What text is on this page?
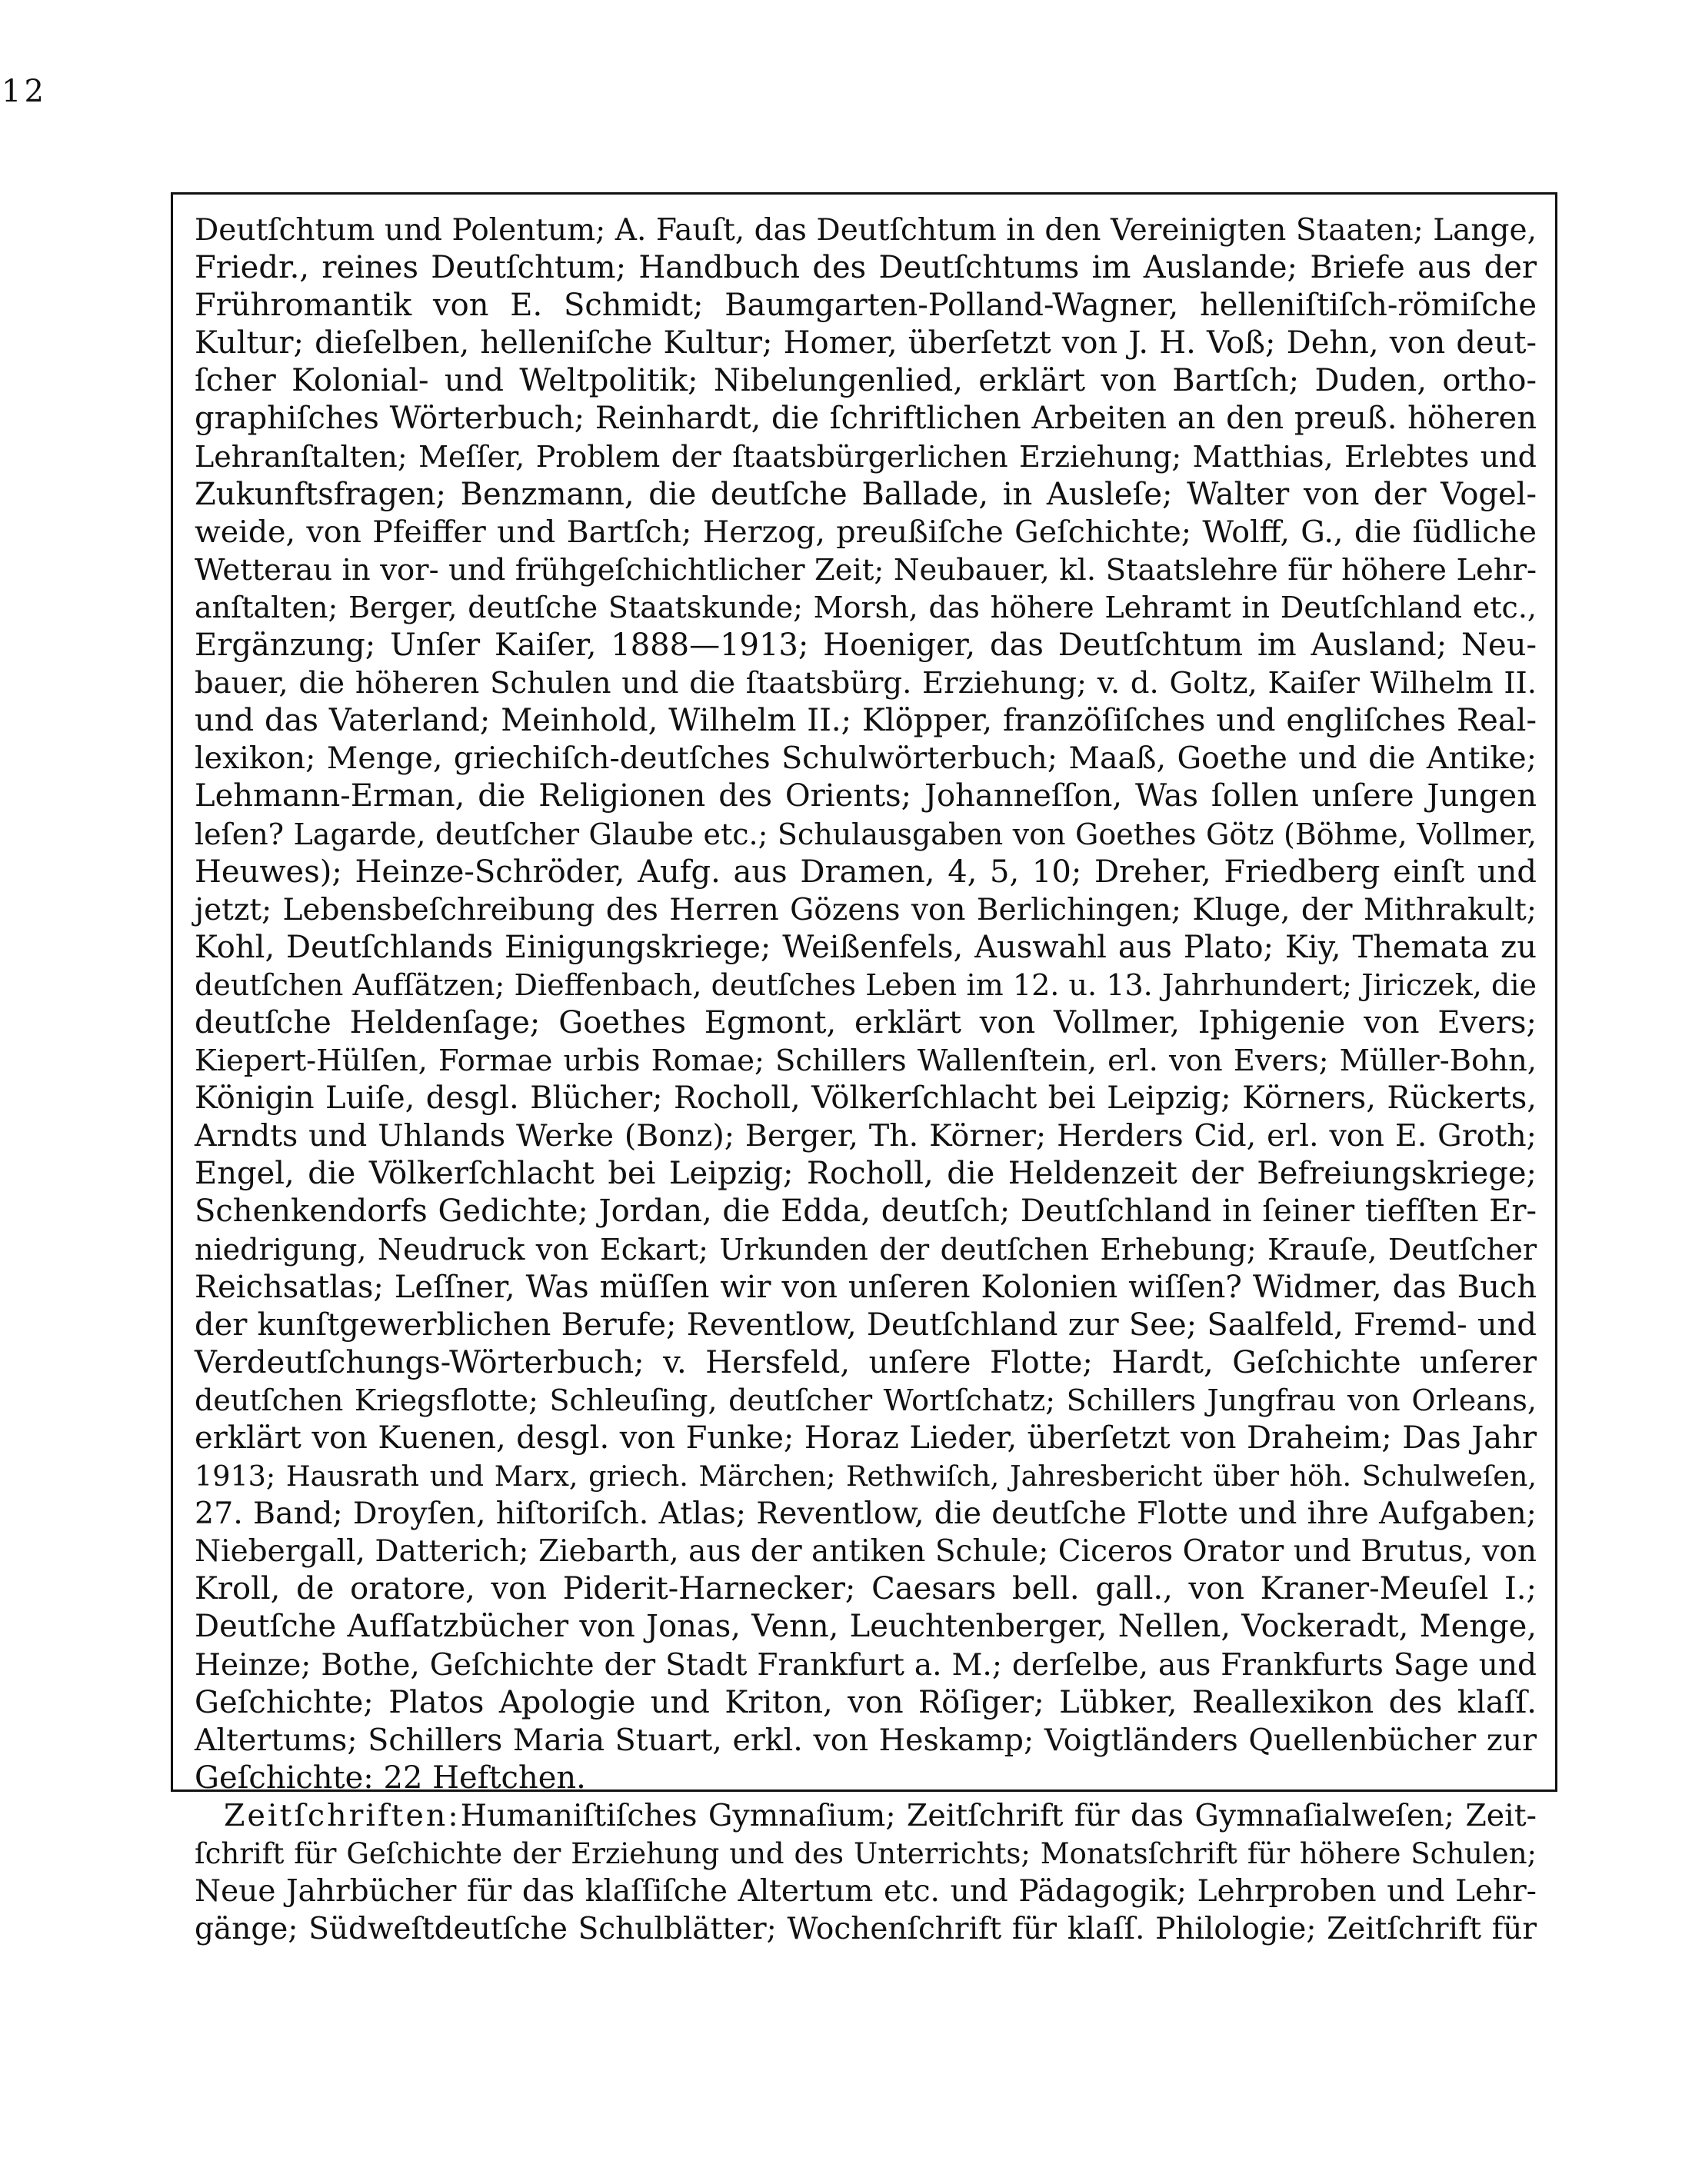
12
Deutſchtum und Polentum; A. Fauſt, das Deutſchtum in den Vereinigten Staaten; Lange,
Friedr., reines Deutſchtum; Handbuch des Deutſchtums im Auslande; Briefe aus der
Frühromantik von E. Schmidt; Baumgarten-Polland-Wagner, helleniſtiſch-römiſche
Kultur; dieſelben, helleniſche Kultur; Homer, überſetzt von J. H. Voß; Dehn, von deut-
ſcher Kolonial- und Weltpolitik; Nibelungenlied, erklärt von Bartſch; Duden, ortho-
graphiſches Wörterbuch; Reinhardt, die ſchriftlichen Arbeiten an den preuß. höheren
Lehranſtalten; Meſſer, Problem der ſtaatsbürgerlichen Erziehung; Matthias, Erlebtes und
Zukunftsfragen; Benzmann, die deutſche Ballade, in Ausleſe; Walter von der Vogel-
weide, von Pfeiffer und Bartſch; Herzog, preußiſche Geſchichte; Wolff, G., die ſüdliche
Wetterau in vor- und frühgeſchichtlicher Zeit; Neubauer, kl. Staatslehre für höhere Lehr-
anſtalten; Berger, deutſche Staatskunde; Morsh, das höhere Lehramt in Deutſchland etc.,
Ergänzung; Unſer Kaiſer, 1888—1913; Hoeniger, das Deutſchtum im Ausland; Neu-
bauer, die höheren Schulen und die ſtaatsbürg. Erziehung; v. d. Goltz, Kaiſer Wilhelm II.
und das Vaterland; Meinhold, Wilhelm II.; Klöpper, franzöſiſches und engliſches Real-
lexikon; Menge, griechiſch-deutſches Schulwörterbuch; Maaß, Goethe und die Antike;
Lehmann-Erman, die Religionen des Orients; Johanneſſon, Was ſollen unſere Jungen
leſen? Lagarde, deutſcher Glaube etc.; Schulausgaben von Goethes Götz (Böhme, Vollmer,
Heuwes); Heinze-Schröder, Aufg. aus Dramen, 4, 5, 10; Dreher, Friedberg einſt und
jetzt; Lebensbeſchreibung des Herren Gözens von Berlichingen; Kluge, der Mithrakult;
Kohl, Deutſchlands Einigungskriege; Weißenfels, Auswahl aus Plato; Kiy, Themata zu
deutſchen Aufſätzen; Dieffenbach, deutſches Leben im 12. u. 13. Jahrhundert; Jiriczek, die
deutſche Heldenſage; Goethes Egmont, erklärt von Vollmer, Iphigenie von Evers;
Kiepert-Hülſen, Formae urbis Romae; Schillers Wallenſtein, erl. von Evers; Müller-Bohn,
Königin Luiſe, desgl. Blücher; Rocholl, Völkerſchlacht bei Leipzig; Körners, Rückerts,
Arndts und Uhlands Werke (Bonz); Berger, Th. Körner; Herders Cid, erl. von E. Groth;
Engel, die Völkerſchlacht bei Leipzig; Rocholl, die Heldenzeit der Befreiungskriege;
Schenkendorfs Gedichte; Jordan, die Edda, deutſch; Deutſchland in ſeiner tiefſten Er-
niedrigung, Neudruck von Eckart; Urkunden der deutſchen Erhebung; Krauſe, Deutſcher
Reichsatlas; Leſſner, Was müſſen wir von unſeren Kolonien wiſſen? Widmer, das Buch
der kunſtgewerblichen Berufe; Reventlow, Deutſchland zur See; Saalfeld, Fremd- und
Verdeutſchungs-Wörterbuch; v. Hersfeld, unſere Flotte; Hardt, Geſchichte unſerer
deutſchen Kriegsflotte; Schleuſing, deutſcher Wortſchatz; Schillers Jungfrau von Orleans,
erklärt von Kuenen, desgl. von Funke; Horaz Lieder, überſetzt von Draheim; Das Jahr
1913; Hausrath und Marx, griech. Märchen; Rethwiſch, Jahresbericht über höh. Schulweſen,
27. Band; Droyſen, hiſtoriſch. Atlas; Reventlow, die deutſche Flotte und ihre Aufgaben;
Niebergall, Datterich; Ziebarth, aus der antiken Schule; Ciceros Orator und Brutus, von
Kroll, de oratore, von Piderit-Harnecker; Caesars bell. gall., von Kraner-Meuſel I.;
Deutſche Aufſatzbücher von Jonas, Venn, Leuchtenberger, Nellen, Vockeradt, Menge,
Heinze; Bothe, Geſchichte der Stadt Frankfurt a. M.; derſelbe, aus Frankfurts Sage und
Geſchichte; Platos Apologie und Kriton, von Röſiger; Lübker, Reallexikon des klaſſ.
Altertums; Schillers Maria Stuart, erkl. von Heskamp; Voigtländers Quellenbücher zur
Geſchichte: 22 Heftchen.
Zeitſchriften:Humaniſtiſches Gymnaſium; Zeitſchrift für das Gymnaſialweſen; Zeit-
ſchrift für Geſchichte der Erziehung und des Unterrichts; Monatsſchrift für höhere Schulen;
Neue Jahrbücher für das klaſſiſche Altertum etc. und Pädagogik; Lehrproben und Lehr-
gänge; Südweſtdeutſche Schulblätter; Wochenſchrift für klaſſ. Philologie; Zeitſchrift für
